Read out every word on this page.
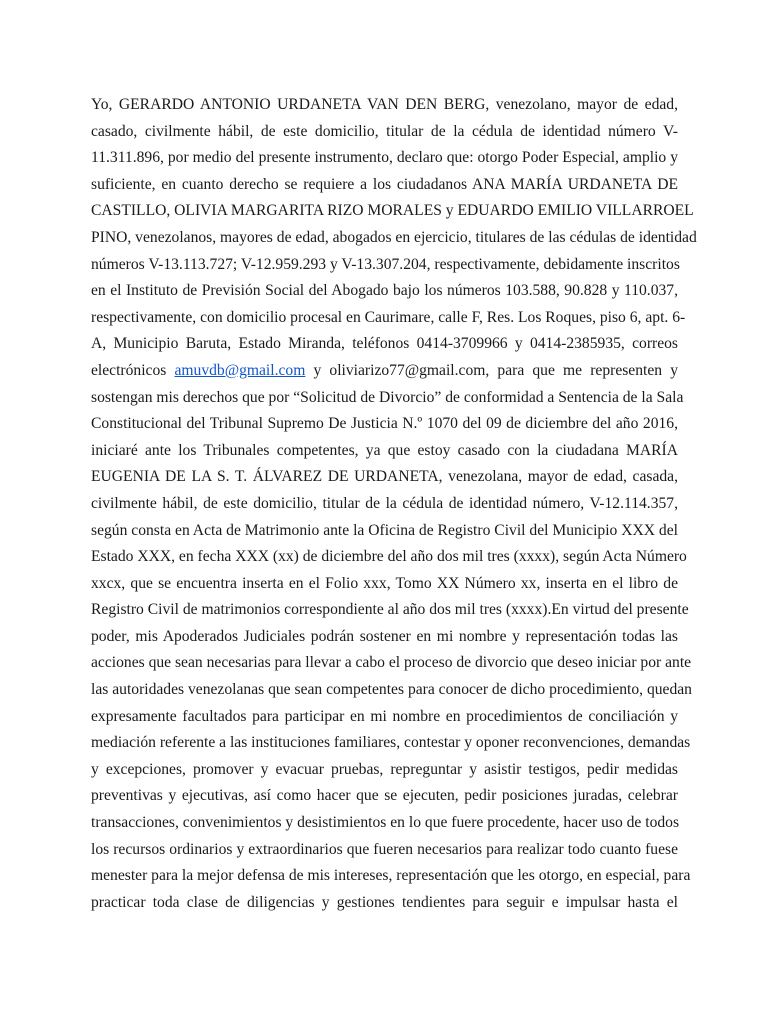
Yo, GERARDO ANTONIO URDANETA VAN DEN BERG, venezolano, mayor de edad,
casado, civilmente hábil, de este domicilio, titular de la cédula de identidad número V-
11.311.896, por medio del presente instrumento, declaro que: otorgo Poder Especial, amplio y
suficiente, en cuanto derecho se requiere a los ciudadanos ANA MARÍA URDANETA DE
CASTILLO, OLIVIA MARGARITA RIZO MORALES y EDUARDO EMILIO VILLARROEL
PINO, venezolanos, mayores de edad, abogados en ejercicio, titulares de las cédulas de identidad
números V-13.113.727; V-12.959.293 y V-13.307.204, respectivamente, debidamente inscritos
en el Instituto de Previsión Social del Abogado bajo los números 103.588, 90.828 y 110.037,
respectivamente, con domicilio procesal en Caurimare, calle F, Res. Los Roques, piso 6, apt. 6-
A, Municipio Baruta, Estado Miranda, teléfonos 0414-3709966 y 0414-2385935, correos
electrónicos amuvdb@gmail.com y oliviarizo77@gmail.com, para que me representen y
sostengan mis derechos que por “Solicitud de Divorcio” de conformidad a Sentencia de la Sala
Constitucional del Tribunal Supremo De Justicia N.º 1070 del 09 de diciembre del año 2016,
iniciaré ante los Tribunales competentes, ya que estoy casado con la ciudadana MARÍA
EUGENIA DE LA S. T. ÁLVAREZ DE URDANETA, venezolana, mayor de edad, casada,
civilmente hábil, de este domicilio, titular de la cédula de identidad número, V-12.114.357,
según consta en Acta de Matrimonio ante la Oficina de Registro Civil del Municipio XXX del
Estado XXX, en fecha XXX (xx) de diciembre del año dos mil tres (xxxx), según Acta Número
xxcx, que se encuentra inserta en el Folio xxx, Tomo XX Número xx, inserta en el libro de
Registro Civil de matrimonios correspondiente al año dos mil tres (xxxx).En virtud del presente
poder, mis Apoderados Judiciales podrán sostener en mi nombre y representación todas las
acciones que sean necesarias para llevar a cabo el proceso de divorcio que deseo iniciar por ante
las autoridades venezolanas que sean competentes para conocer de dicho procedimiento, quedan
expresamente facultados para participar en mi nombre en procedimientos de conciliación y
mediación referente a las instituciones familiares, contestar y oponer reconvenciones, demandas
y excepciones, promover y evacuar pruebas, repreguntar y asistir testigos, pedir medidas
preventivas y ejecutivas, así como hacer que se ejecuten, pedir posiciones juradas, celebrar
transacciones, convenimientos y desistimientos en lo que fuere procedente, hacer uso de todos
los recursos ordinarios y extraordinarios que fueren necesarios para realizar todo cuanto fuese
menester para la mejor defensa de mis intereses, representación que les otorgo, en especial, para
practicar toda clase de diligencias y gestiones tendientes para seguir e impulsar hasta el
